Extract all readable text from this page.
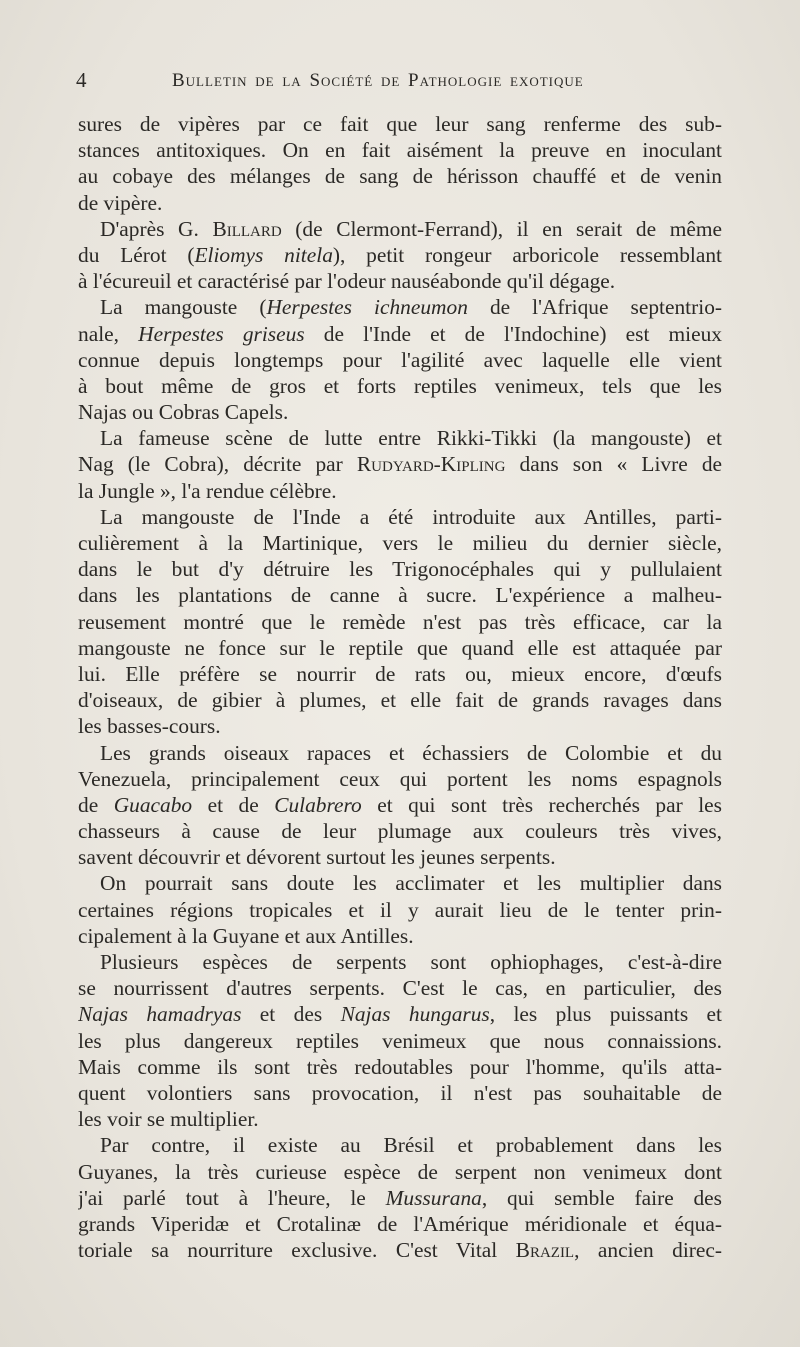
4	Bulletin de la Société de Pathologie exotique
sures de vipères par ce fait que leur sang renferme des sub-
stances antitoxiques. On en fait aisément la preuve en inoculant
au cobaye des mélanges de sang de hérisson chauffé et de venin
de vipère.
D'après G. Billard (de Clermont-Ferrand), il en serait de même
du Lérot (Eliomys nitela), petit rongeur arboricole ressemblant
à l'écureuil et caractérisé par l'odeur nauséabonde qu'il dégage.
La mangouste (Herpestes ichneumon de l'Afrique septentrio-
nale, Herpestes griseus de l'Inde et de l'Indochine) est mieux
connue depuis longtemps pour l'agilité avec laquelle elle vient
à bout même de gros et forts reptiles venimeux, tels que les
Najas ou Cobras Capels.
La fameuse scène de lutte entre Rikki-Tikki (la mangouste) et
Nag (le Cobra), décrite par Rudyard-Kipling dans son « Livre de
la Jungle », l'a rendue célèbre.
La mangouste de l'Inde a été introduite aux Antilles, parti-
culièrement à la Martinique, vers le milieu du dernier siècle,
dans le but d'y détruire les Trigonocéphales qui y pullulaient
dans les plantations de canne à sucre. L'expérience a malheu-
reusement montré que le remède n'est pas très efficace, car la
mangouste ne fonce sur le reptile que quand elle est attaquée par
lui. Elle préfère se nourrir de rats ou, mieux encore, d'œufs
d'oiseaux, de gibier à plumes, et elle fait de grands ravages dans
les basses-cours.
Les grands oiseaux rapaces et échassiers de Colombie et du
Venezuela, principalement ceux qui portent les noms espagnols
de Guacabo et de Culabrero et qui sont très recherchés par les
chasseurs à cause de leur plumage aux couleurs très vives,
savent découvrir et dévorent surtout les jeunes serpents.
On pourrait sans doute les acclimater et les multiplier dans
certaines régions tropicales et il y aurait lieu de le tenter prin-
cipalement à la Guyane et aux Antilles.
Plusieurs espèces de serpents sont ophiophages, c'est-à-dire
se nourrissent d'autres serpents. C'est le cas, en particulier, des
Najas hamadryas et des Najas hungarus, les plus puissants et
les plus dangereux reptiles venimeux que nous connaissions.
Mais comme ils sont très redoutables pour l'homme, qu'ils atta-
quent volontiers sans provocation, il n'est pas souhaitable de
les voir se multiplier.
Par contre, il existe au Brésil et probablement dans les
Guyanes, la très curieuse espèce de serpent non venimeux dont
j'ai parlé tout à l'heure, le Mussurana, qui semble faire des
grands Viperidæ et Crotalinæ de l'Amérique méridionale et équa-
toriale sa nourriture exclusive. C'est Vital Brazil, ancien direc-
